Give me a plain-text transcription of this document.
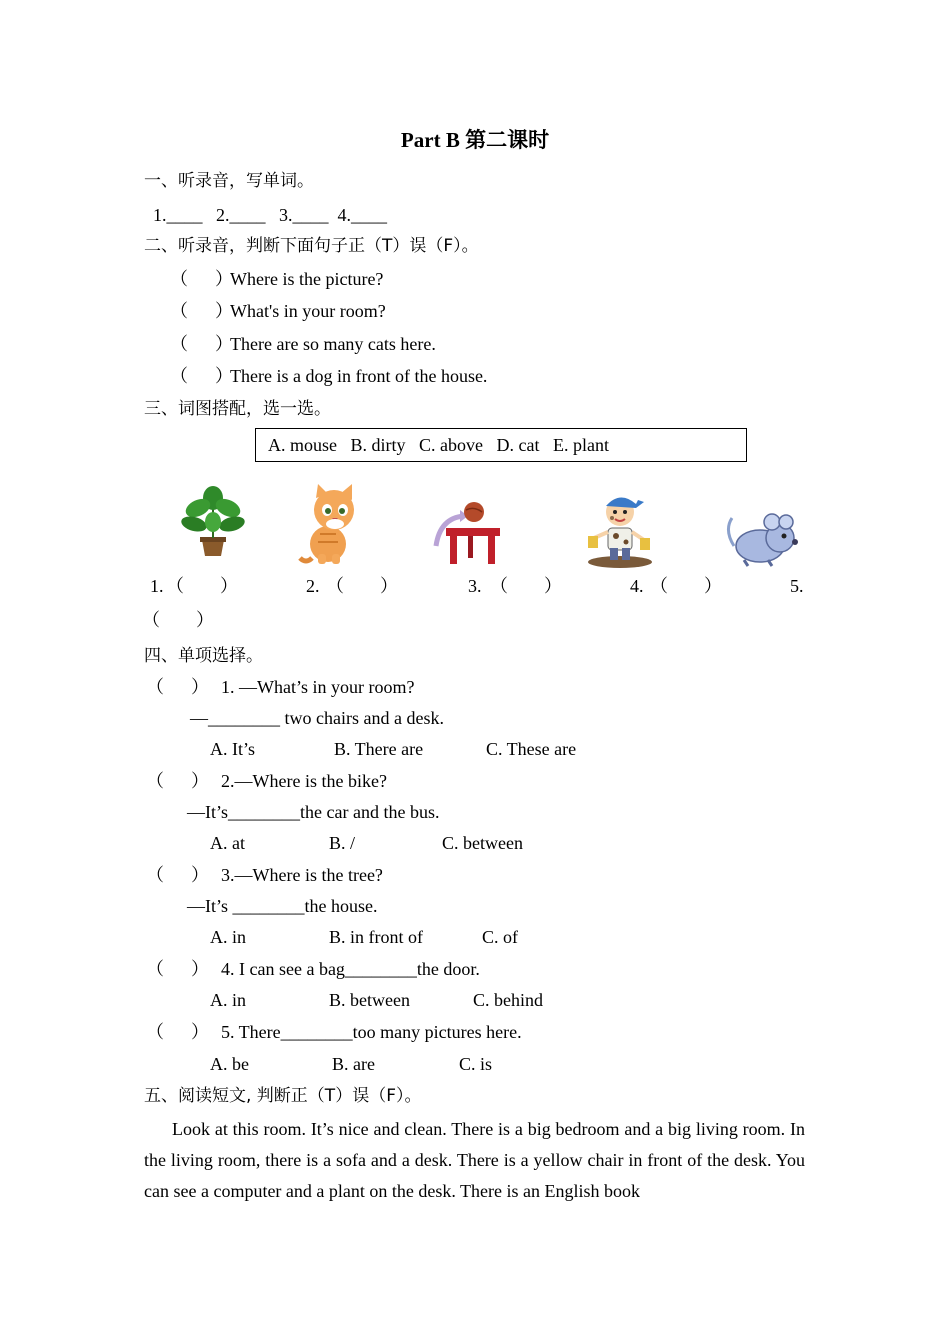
Part B 第二课时
一、听录音，写单词。
1.____   2.____   3.____  4.____
二、听录音，判断下面句子正（T）误（F）。
（      ）
Where is the picture?
（      ）
What's in your room?
（      ）
There are so many cats here.
（      ）
There is a dog in front of the house.
三、词图搭配，选一选。
A. mouse   B. dirty   C. above   D. cat   E. plant
1. （        ）	2. （        ）	3. （        ）	4. （        ）	5.
（        ）
四、单项选择。
（      ） 1. —What’s in your room?
—________ two chairs and a desk.
A. It’s	B. There are	C. These are
（      ） 2.—Where is the bike?
—It’s________the car and the bus.
A. at	B. /	C. between
（      ） 3.—Where is the tree?
—It’s ________the house.
A. in	B. in front of	C. of
（      ） 4. I can see a bag________the door.
A. in	B. between	C. behind
（      ） 5. There________too many pictures here.
A. be	B. are	C. is
五、阅读短文, 判断正（T）误（F）。

Look at this room. It’s nice and clean. There is a big bedroom and a big living room. In the living room, there is a sofa and a desk. There is a yellow chair in front of the desk. You can see a computer and a plant on the desk. There is an English book
